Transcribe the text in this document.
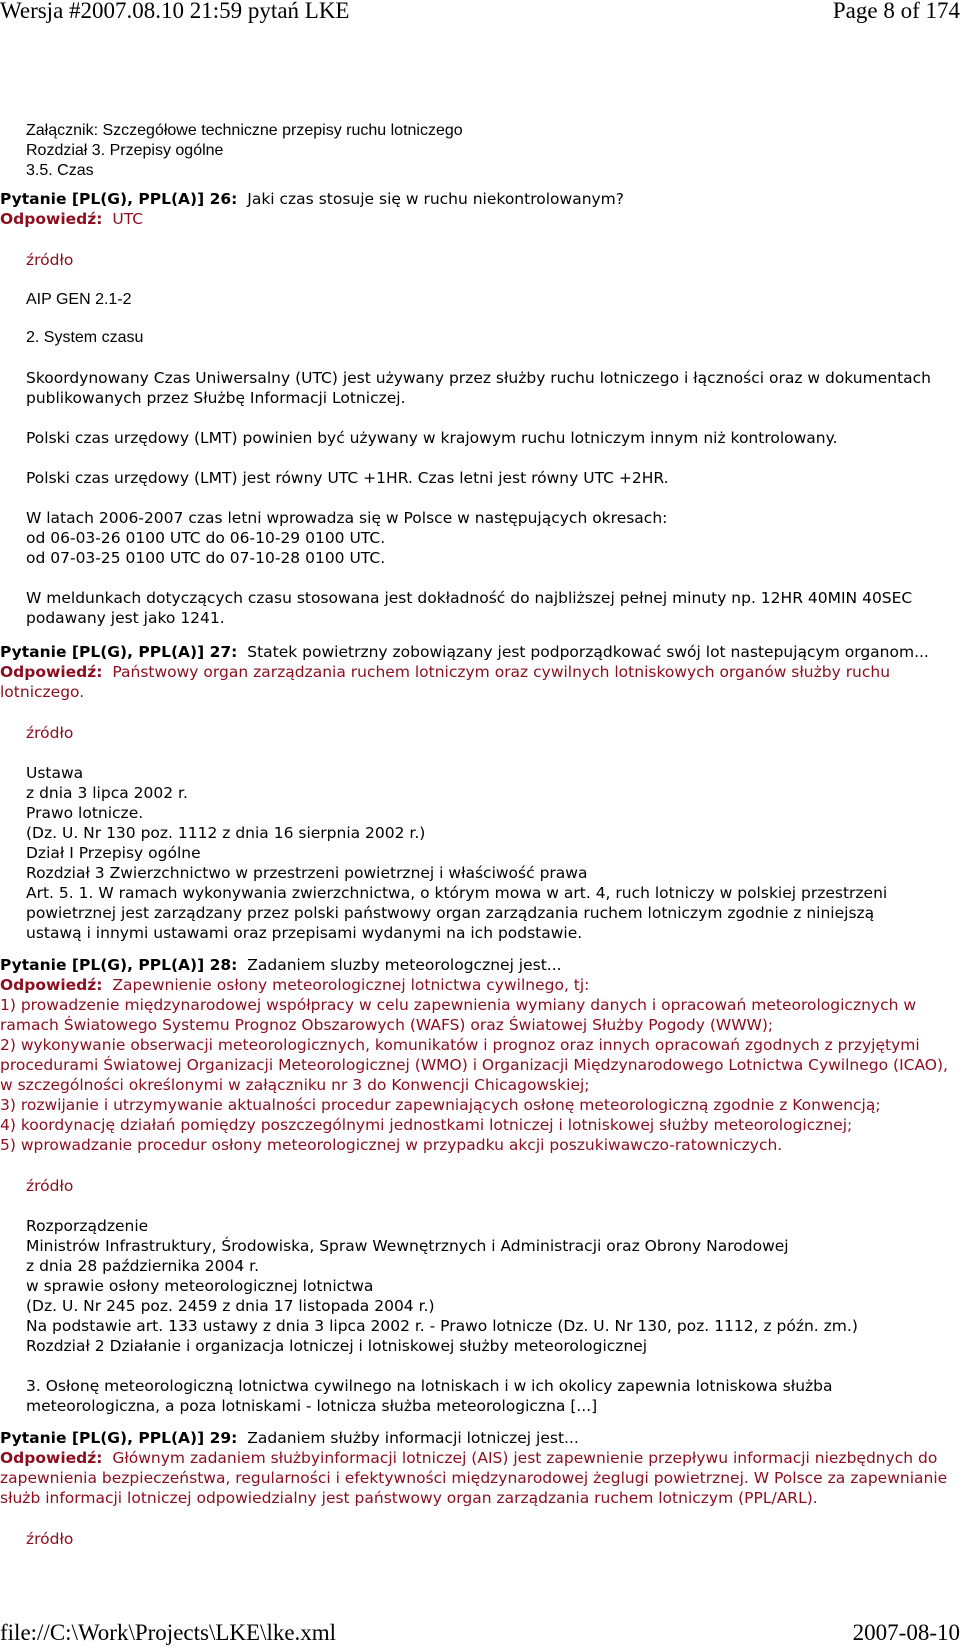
Wersja #2007.08.10 21:59 pytań LKE	Page 8 of 174
Załącznik: Szczegółowe techniczne przepisy ruchu lotniczego
Rozdział 3. Przepisy ogólne
3.5. Czas
Pytanie [PL(G), PPL(A)] 26: Jaki czas stosuje się w ruchu niekontrolowanym?
Odpowiedź: UTC
źródło
AIP GEN 2.1-2
2. System czasu

Skoordynowany Czas Uniwersalny (UTC) jest używany przez służby ruchu lotniczego i łączności oraz w dokumentach publikowanych przez Służbę Informacji Lotniczej.

Polski czas urzędowy (LMT) powinien być używany w krajowym ruchu lotniczym innym niż kontrolowany.

Polski czas urzędowy (LMT) jest równy UTC +1HR. Czas letni jest równy UTC +2HR.

W latach 2006-2007 czas letni wprowadza się w Polsce w następujących okresach:
od 06-03-26 0100 UTC do 06-10-29 0100 UTC.
od 07-03-25 0100 UTC do 07-10-28 0100 UTC.

W meldunkach dotyczących czasu stosowana jest dokładność do najbliższej pełnej minuty np. 12HR 40MIN 40SEC podawany jest jako 1241.

Pytanie [PL(G), PPL(A)] 27: Statek powietrzny zobowiązany jest podporządkować swój lot nastepującym organom...
Odpowiedź: Państwowy organ zarządzania ruchem lotniczym oraz cywilnych lotniskowych organów służby ruchu lotniczego.
źródło
Ustawa
z dnia 3 lipca 2002 r.
Prawo lotnicze.
(Dz. U. Nr 130 poz. 1112 z dnia 16 sierpnia 2002 r.)
Dział I Przepisy ogólne
Rozdział 3 Zwierzchnictwo w przestrzeni powietrznej i właściwość prawa
Art. 5. 1. W ramach wykonywania zwierzchnictwa, o którym mowa w art. 4, ruch lotniczy w polskiej przestrzeni powietrznej jest zarządzany przez polski państwowy organ zarządzania ruchem lotniczym zgodnie z niniejszą ustawą i innymi ustawami oraz przepisami wydanymi na ich podstawie.
Pytanie [PL(G), PPL(A)] 28: Zadaniem sluzby meteorologcznej jest...
Odpowiedź: Zapewnienie osłony meteorologicznej lotnictwa cywilnego, tj:
1) prowadzenie międzynarodowej współpracy w celu zapewnienia wymiany danych i opracowań meteorologicznych w ramach Światowego Systemu Prognoz Obszarowych (WAFS) oraz Światowej Służby Pogody (WWW);
2) wykonywanie obserwacji meteorologicznych, komunikatów i prognoz oraz innych opracowań zgodnych z przyjętymi procedurami Światowej Organizacji Meteorologicznej (WMO) i Organizacji Międzynarodowego Lotnictwa Cywilnego (ICAO), w szczególności określonymi w załączniku nr 3 do Konwencji Chicagowskiej;
3) rozwijanie i utrzymywanie aktualności procedur zapewniających osłonę meteorologiczną zgodnie z Konwencją;
4) koordynację działań pomiędzy poszczególnymi jednostkami lotniczej i lotniskowej służby meteorologicznej;
5) wprowadzanie procedur osłony meteorologicznej w przypadku akcji poszukiwawczo-ratowniczych.
źródło
Rozporządzenie
Ministrów Infrastruktury, Środowiska, Spraw Wewnętrznych i Administracji oraz Obrony Narodowej
z dnia 28 października 2004 r.
w sprawie osłony meteorologicznej lotnictwa
(Dz. U. Nr 245 poz. 2459 z dnia 17 listopada 2004 r.)
Na podstawie art. 133 ustawy z dnia 3 lipca 2002 r. - Prawo lotnicze (Dz. U. Nr 130, poz. 1112, z późn. zm.)
Rozdział 2 Działanie i organizacja lotniczej i lotniskowej służby meteorologicznej
3. Osłonę meteorologiczną lotnictwa cywilnego na lotniskach i w ich okolicy zapewnia lotniskowa służba meteorologiczna, a poza lotniskami - lotnicza służba meteorologiczna [...]
Pytanie [PL(G), PPL(A)] 29: Zadaniem służby informacji lotniczej jest...
Odpowiedź: Głównym zadaniem służbyinformacji lotniczej (AIS) jest zapewnienie przepływu informacji niezbędnych do zapewnienia bezpieczeństwa, regularności i efektywności międzynarodowej żeglugi powietrznej. W Polsce za zapewnianie służb informacji lotniczej odpowiedzialny jest państwowy organ zarządzania ruchem lotniczym (PPL/ARL).
źródło
file://C:\Work\Projects\LKE\lke.xml	2007-08-10
